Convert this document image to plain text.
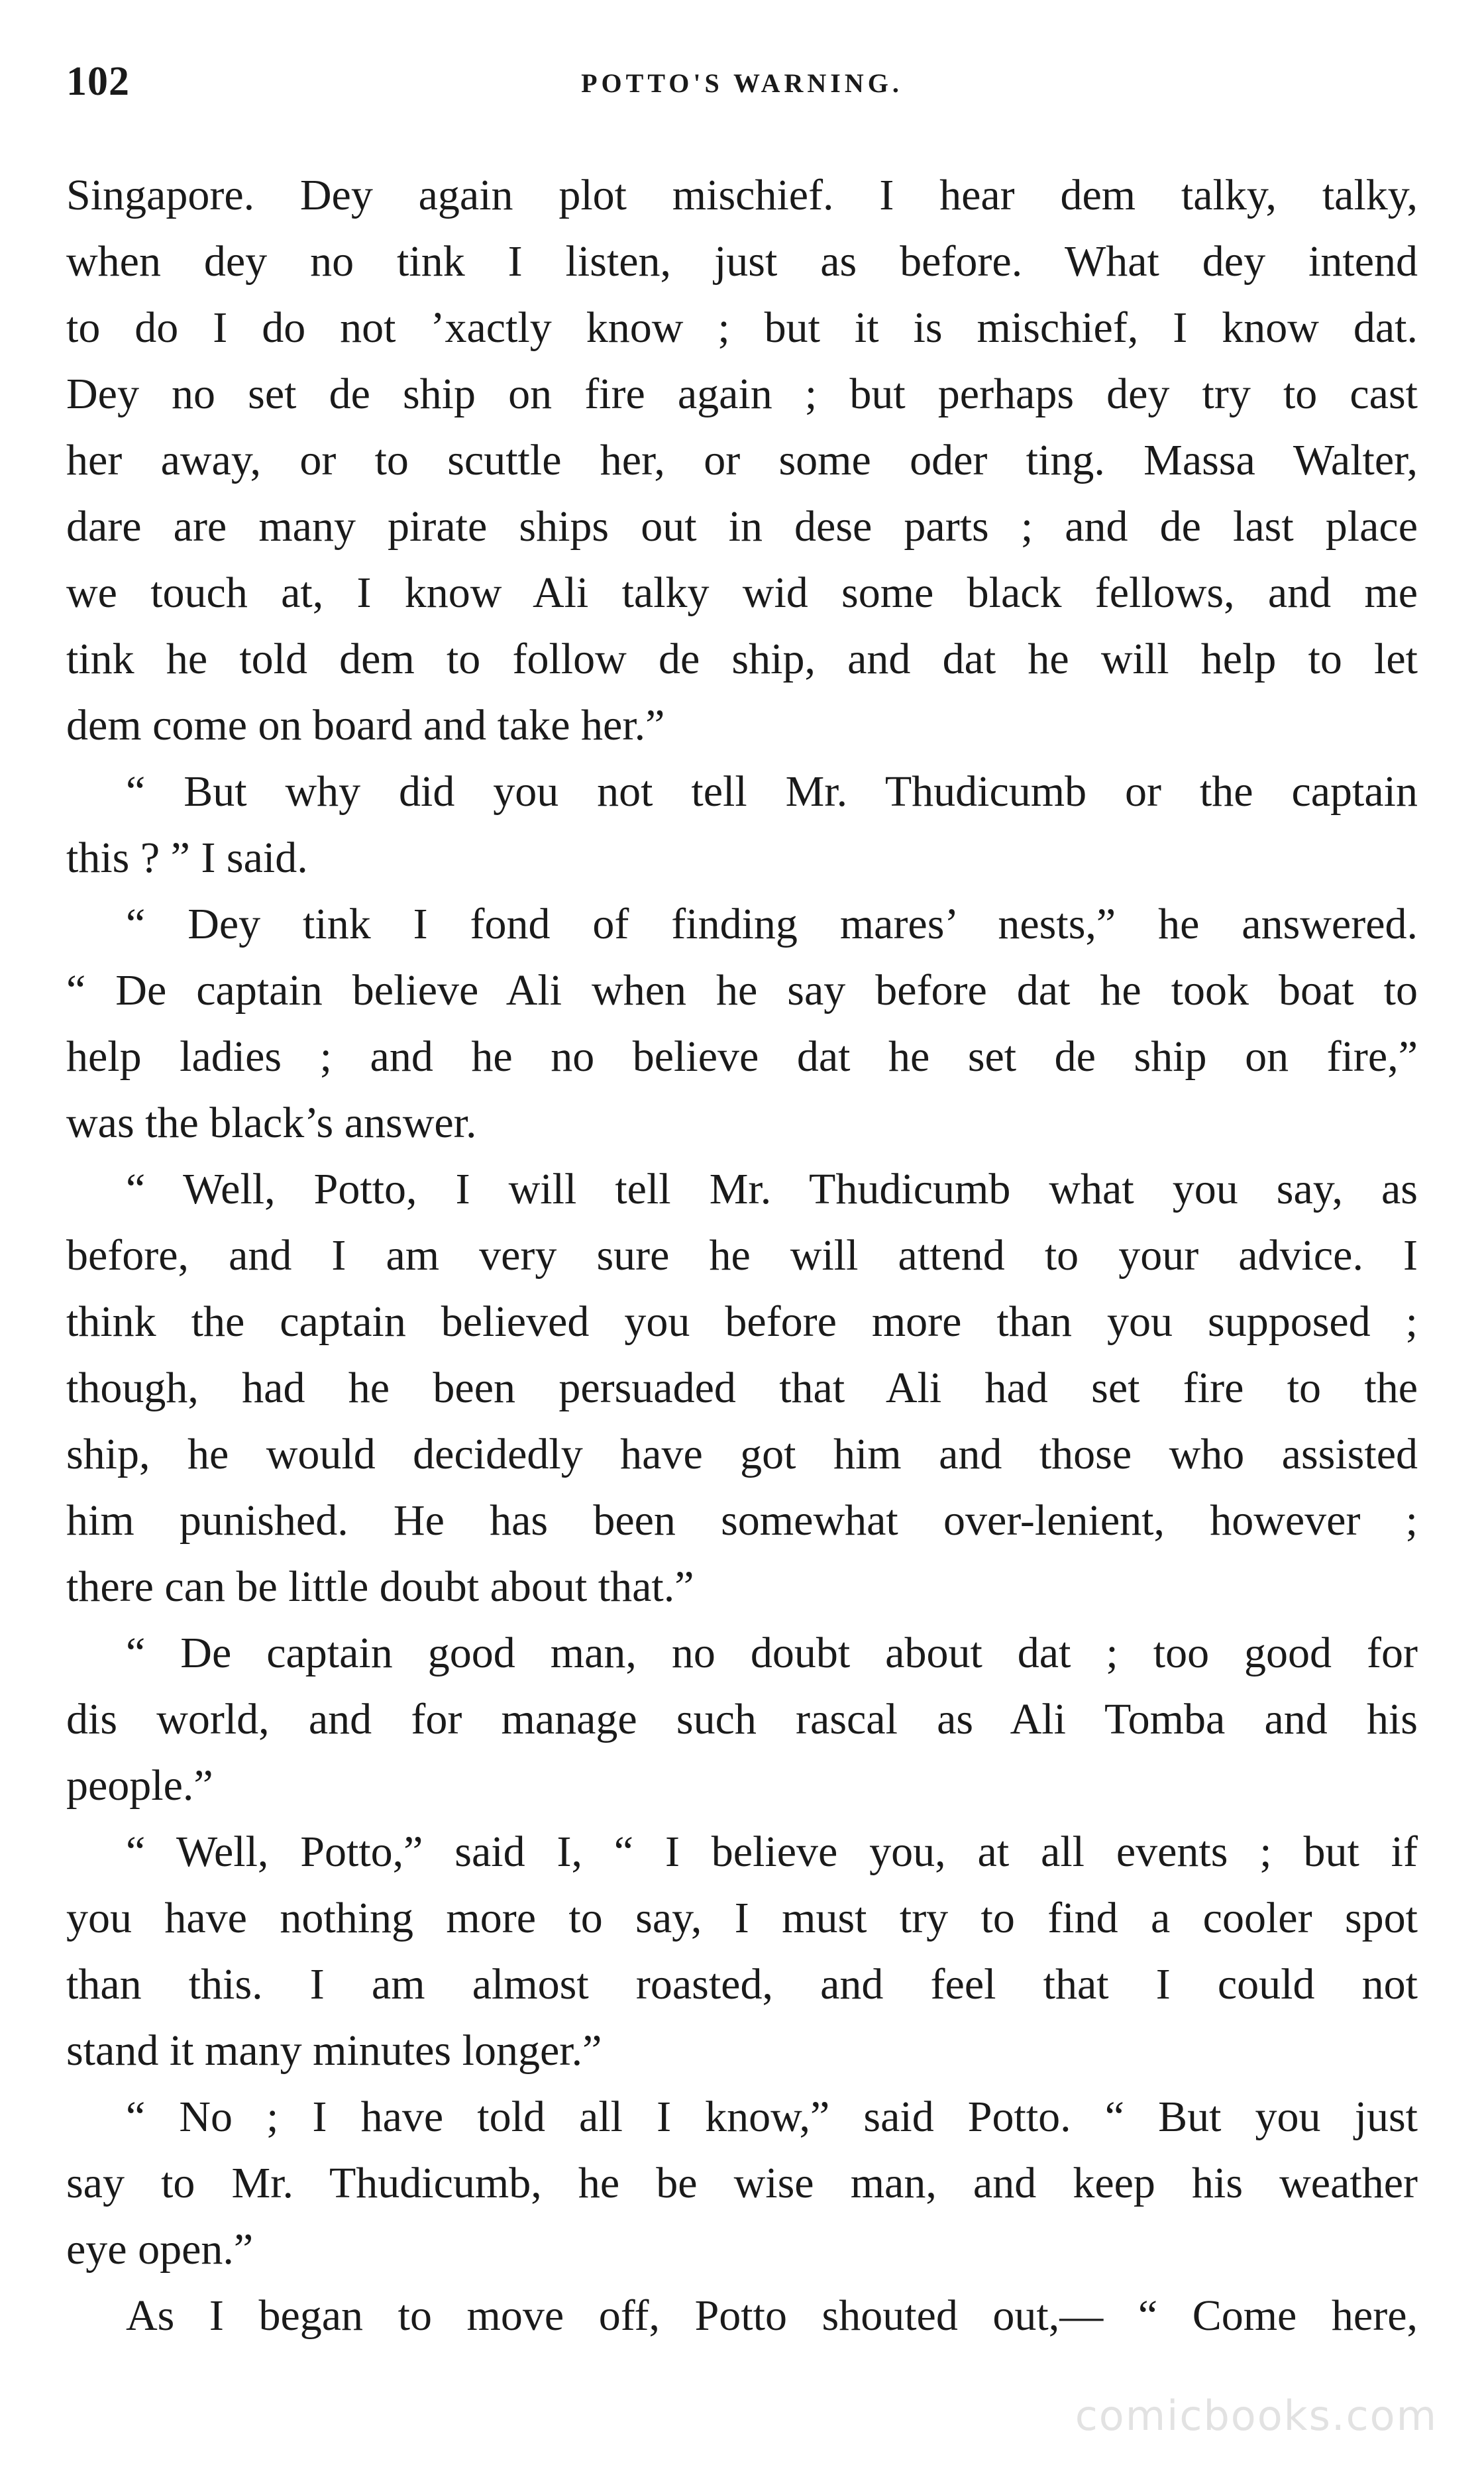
102	POTTO'S WARNING.
Singapore. Dey again plot mischief. I hear dem talky, talky,
when dey no tink I listen, just as before. What dey intend
to do I do not ’xactly know ; but it is mischief, I know dat.
Dey no set de ship on fire again ; but perhaps dey try to cast
her away, or to scuttle her, or some oder ting. Massa Walter,
dare are many pirate ships out in dese parts ; and de last place
we touch at, I know Ali talky wid some black fellows, and me
tink he told dem to follow de ship, and dat he will help to let
dem come on board and take her.”
“ But why did you not tell Mr. Thudicumb or the captain
this ? ” I said.
“ Dey tink I fond of finding mares’ nests,” he answered.
“ De captain believe Ali when he say before dat he took boat to
help ladies ; and he no believe dat he set de ship on fire,”
was the black’s answer.
“ Well, Potto, I will tell Mr. Thudicumb what you say, as
before, and I am very sure he will attend to your advice. I
think the captain believed you before more than you supposed ;
though, had he been persuaded that Ali had set fire to the
ship, he would decidedly have got him and those who assisted
him punished. He has been somewhat over-lenient, however ;
there can be little doubt about that.”
“ De captain good man, no doubt about dat ; too good for
dis world, and for manage such rascal as Ali Tomba and his
people.”
“ Well, Potto,” said I, “ I believe you, at all events ; but if
you have nothing more to say, I must try to find a cooler spot
than this. I am almost roasted, and feel that I could not
stand it many minutes longer.”
“ No ; I have told all I know,” said Potto. “ But you just
say to Mr. Thudicumb, he be wise man, and keep his weather
eye open.”
As I began to move off, Potto shouted out,— “ Come here,
comicbooks.com
